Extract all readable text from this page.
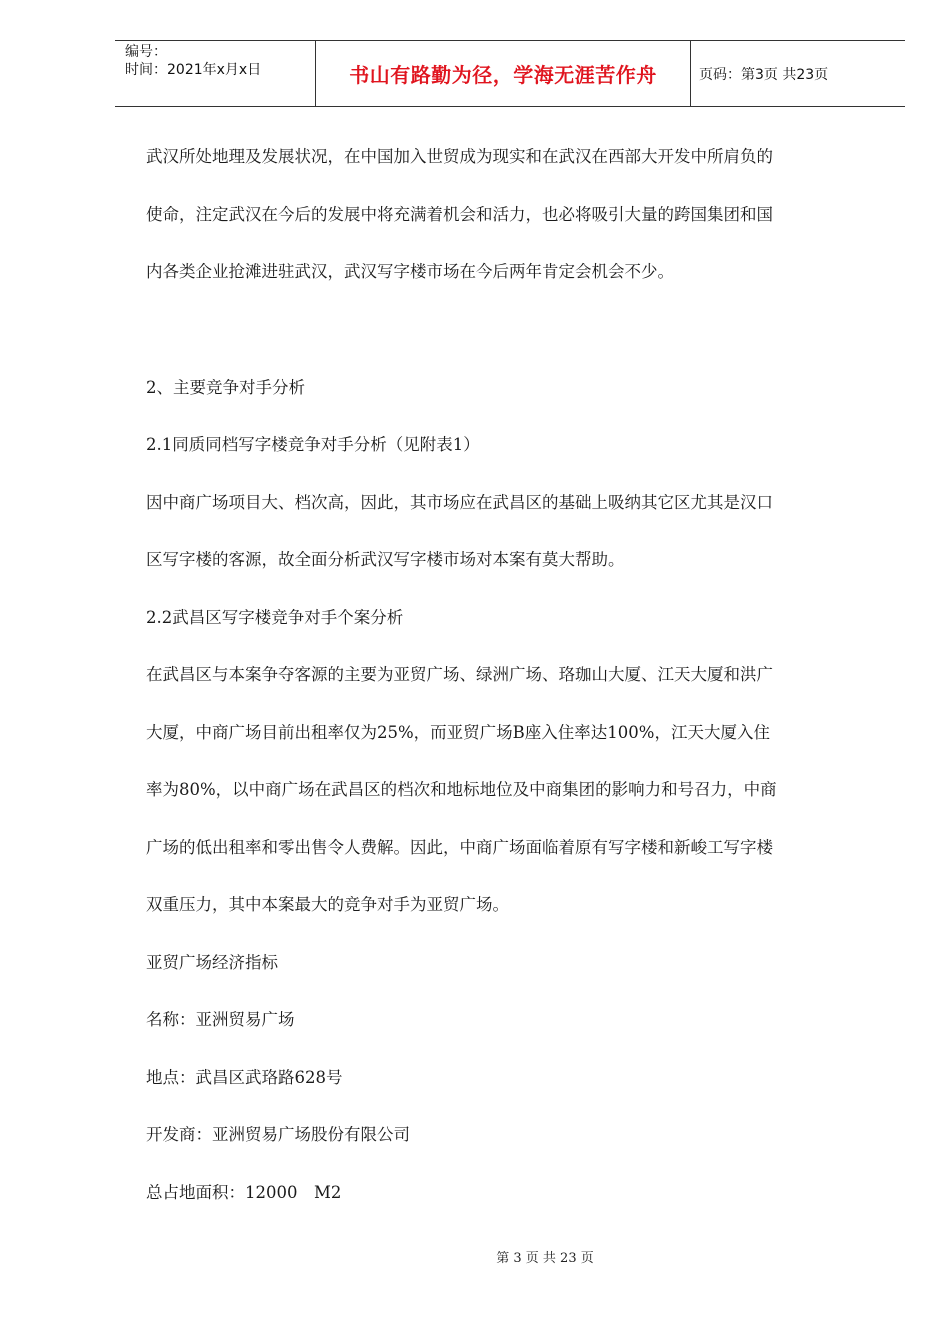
编号：
时间：2021年x月x日	书山有路勤为径，学海无涯苦作舟	页码：第3页 共23页

武汉所处地理及发展状况，在中国加入世贸成为现实和在武汉在西部大开发中所肩负的

使命，注定武汉在今后的发展中将充满着机会和活力，也必将吸引大量的跨国集团和国

内各类企业抢滩进驻武汉，武汉写字楼市场在今后两年肯定会机会不少。

2、主要竞争对手分析

2.1同质同档写字楼竞争对手分析（见附表1）

因中商广场项目大、档次高，因此，其市场应在武昌区的基础上吸纳其它区尤其是汉口

区写字楼的客源，故全面分析武汉写字楼市场对本案有莫大帮助。

2.2武昌区写字楼竞争对手个案分析

在武昌区与本案争夺客源的主要为亚贸广场、绿洲广场、珞珈山大厦、江天大厦和洪广

大厦，中商广场目前出租率仅为25%，而亚贸广场B座入住率达100%，江天大厦入住

率为80%，以中商广场在武昌区的档次和地标地位及中商集团的影响力和号召力，中商

广场的低出租率和零出售令人费解。因此，中商广场面临着原有写字楼和新峻工写字楼

双重压力，其中本案最大的竞争对手为亚贸广场。

亚贸广场经济指标

名称：亚洲贸易广场

地点：武昌区武珞路628号

开发商：亚洲贸易广场股份有限公司

总占地面积：12000　M2

第 3 页 共 23 页
